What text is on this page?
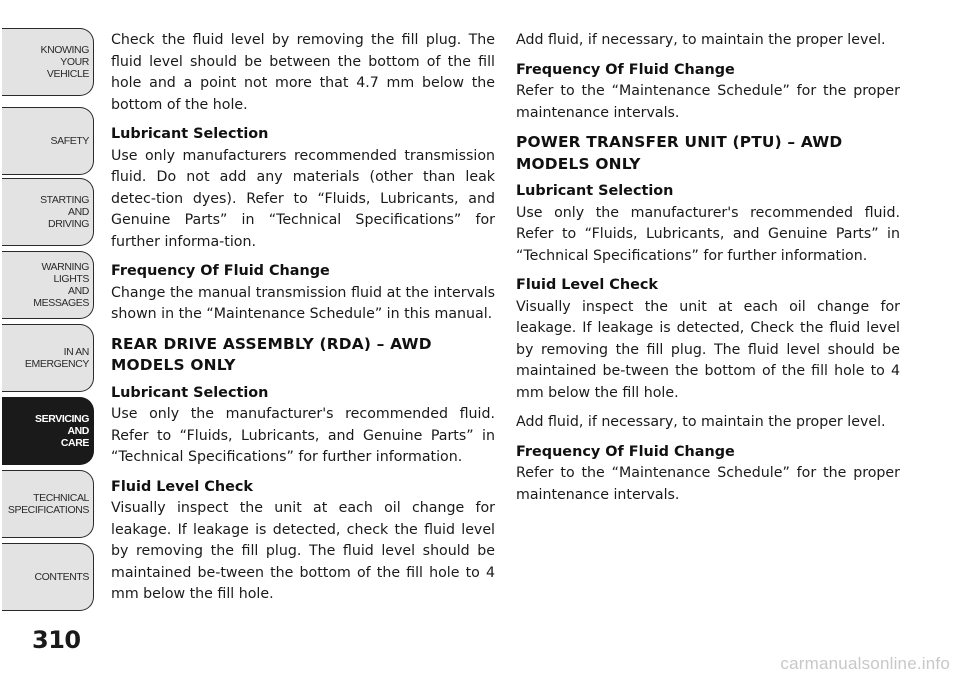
KNOWING
YOUR
VEHICLE
SAFETY
STARTING
AND
DRIVING
WARNING
LIGHTS
AND
MESSAGES
IN AN
EMERGENCY
SERVICING
AND
CARE
TECHNICAL
SPECIFICATIONS
CONTENTS
310

Check the fluid level by removing the fill plug. The fluid level should be between the bottom of the fill hole and a point not more that 4.7 mm below the bottom of the hole.

Lubricant Selection

Use only manufacturers recommended transmission fluid. Do not add any materials (other than leak detec-tion dyes). Refer to “Fluids, Lubricants, and Genuine Parts” in “Technical Specifications” for further informa-tion.

Frequency Of Fluid Change

Change the manual transmission fluid at the intervals shown in the “Maintenance Schedule” in this manual.

REAR DRIVE ASSEMBLY (RDA) – AWD MODELS ONLY
Lubricant Selection

Use only the manufacturer's recommended fluid. Refer to “Fluids, Lubricants, and Genuine Parts” in “Technical Specifications” for further information.

Fluid Level Check

Visually inspect the unit at each oil change for leakage. If leakage is detected, check the fluid level by removing the fill plug. The fluid level should be maintained be-tween the bottom of the fill hole to 4 mm below the fill hole.

Add fluid, if necessary, to maintain the proper level.

Frequency Of Fluid Change

Refer to the “Maintenance Schedule” for the proper maintenance intervals.

POWER TRANSFER UNIT (PTU) – AWD MODELS ONLY
Lubricant Selection

Use only the manufacturer's recommended fluid. Refer to “Fluids, Lubricants, and Genuine Parts” in “Technical Specifications” for further information.

Fluid Level Check

Visually inspect the unit at each oil change for leakage. If leakage is detected, Check the fluid level by removing the fill plug. The fluid level should be maintained be-tween the bottom of the fill hole to 4 mm below the fill hole.

Add fluid, if necessary, to maintain the proper level.

Frequency Of Fluid Change

Refer to the “Maintenance Schedule” for the proper maintenance intervals.

carmanualsonline.info
